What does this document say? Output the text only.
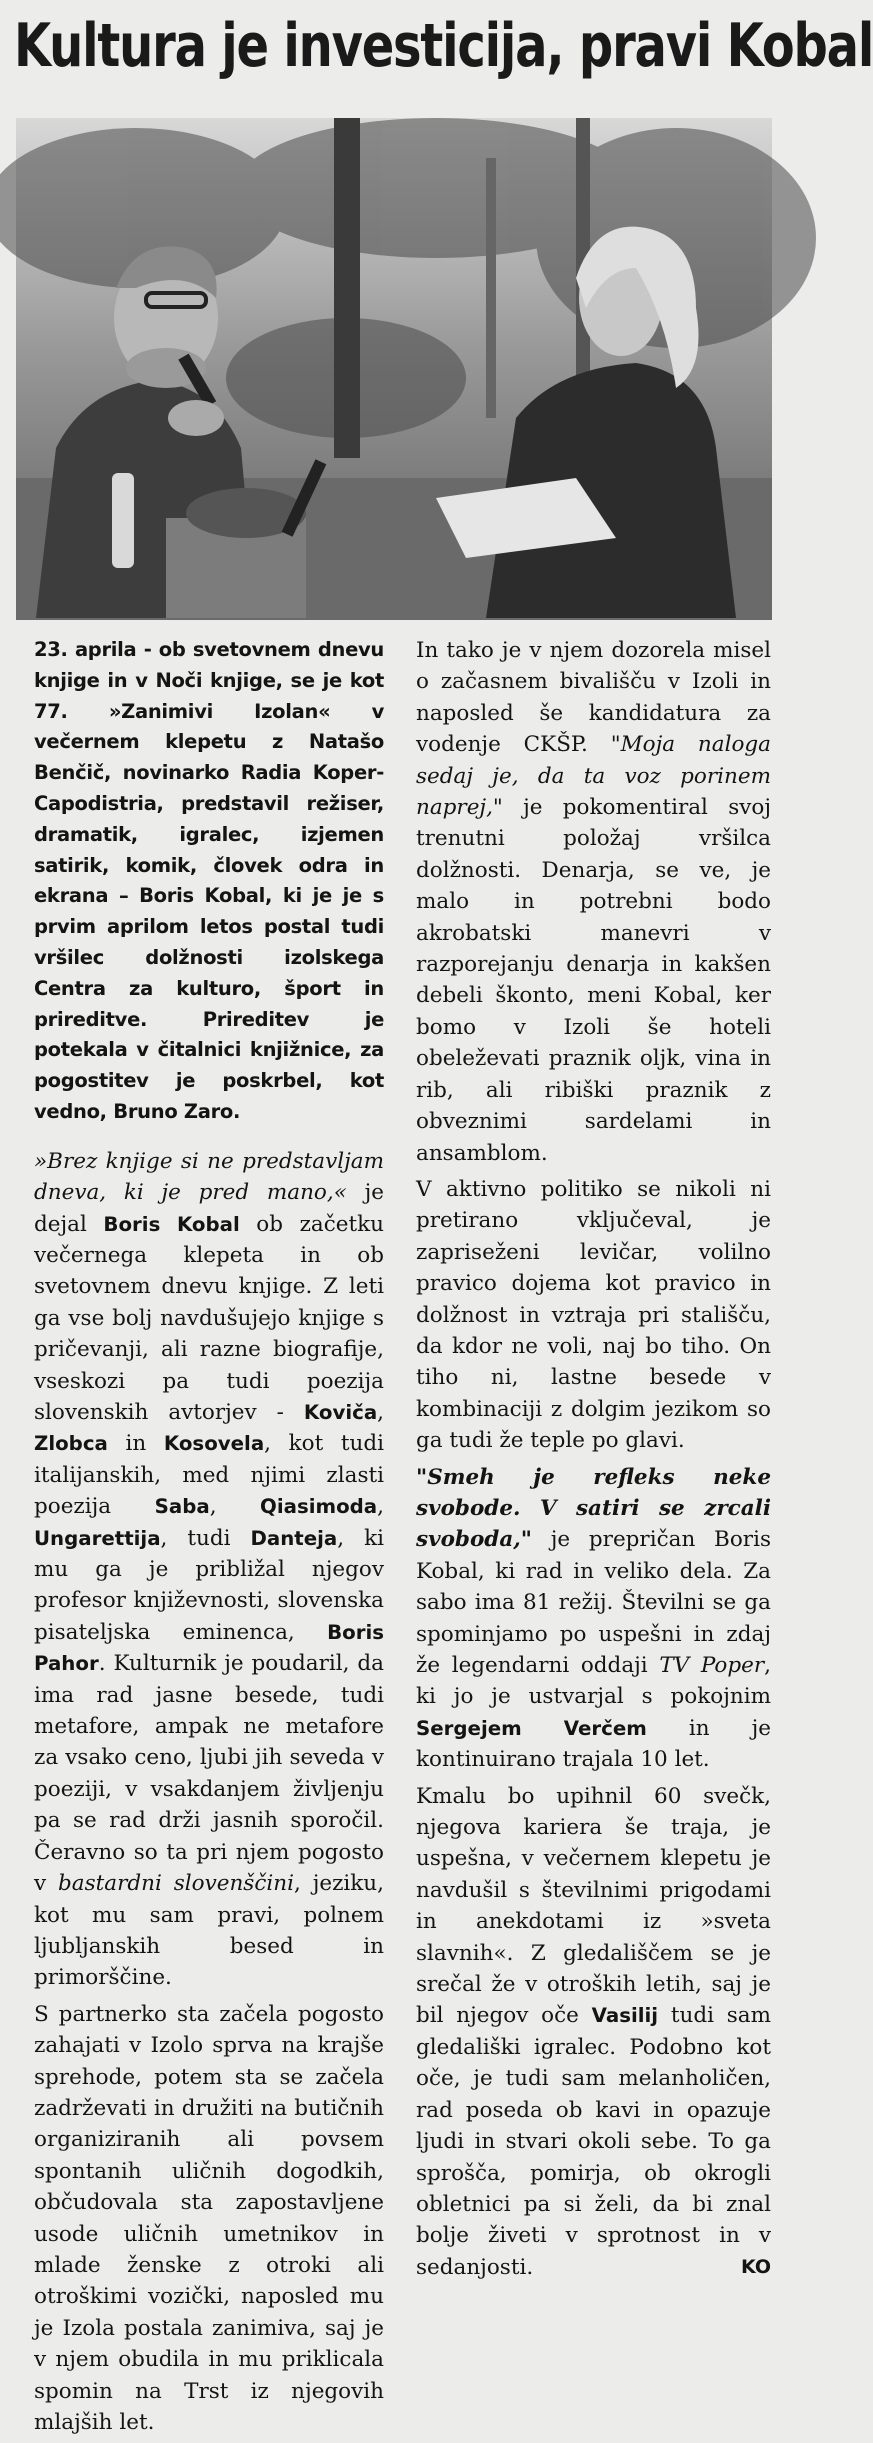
Kultura je investicija, pravi Kobal

23. aprila - ob svetovnem dnevu knjige in v Noči knjige, se je kot 77. »Zanimivi Izolan« v večernem klepetu z Natašo Benčič, novinarko Radia Koper-Capodistria, predstavil režiser, dramatik, igralec, izjemen satirik, komik, človek odra in ekrana – Boris Kobal, ki je je s prvim aprilom letos postal tudi vršilec dolžnosti izolskega Centra za kulturo, šport in prireditve. Prireditev je potekala v čitalnici knjižnice, za pogostitev je poskrbel, kot vedno, Bruno Zaro.

»Brez knjige si ne predstavljam dneva, ki je pred mano,« je dejal Boris Kobal ob začetku večernega klepeta in ob svetovnem dnevu knjige. Z leti ga vse bolj navdušujejo knjige s pričevanji, ali razne biografije, vseskozi pa tudi poezija slovenskih avtorjev - Koviča, Zlobca in Kosovela, kot tudi italijanskih, med njimi zlasti poezija Saba, Qiasimoda, Ungarettija, tudi Danteja, ki mu ga je približal njegov profesor književnosti, slovenska pisateljska eminenca, Boris Pahor. Kulturnik je poudaril, da ima rad jasne besede, tudi metafore, ampak ne metafore za vsako ceno, ljubi jih seveda v poeziji, v vsakdanjem življenju pa se rad drži jasnih sporočil. Čeravno so ta pri njem pogosto v bastardni slovenščini, jeziku, kot mu sam pravi, polnem ljubljanskih besed in primorščine.

S partnerko sta začela pogosto zahajati v Izolo sprva na krajše sprehode, potem sta se začela zadrževati in družiti na butičnih organiziranih ali povsem spontanih uličnih dogodkih, občudovala sta zapostavljene usode uličnih umetnikov in mlade ženske z otroki ali otroškimi vozički, naposled mu je Izola postala zanimiva, saj je v njem obudila in mu priklicala spomin na Trst iz njegovih mlajših let.

In tako je v njem dozorela misel o začasnem bivališču v Izoli in naposled še kandidatura za vodenje CKŠP. "Moja naloga sedaj je, da ta voz porinem naprej," je pokomentiral svoj trenutni položaj vršilca dolžnosti. Denarja, se ve, je malo in potrebni bodo akrobatski manevri v razporejanju denarja in kakšen debeli škonto, meni Kobal, ker bomo v Izoli še hoteli obeleževati praznik oljk, vina in rib, ali ribiški praznik z obveznimi sardelami in ansamblom.

V aktivno politiko se nikoli ni pretirano vključeval, je zapriseženi levičar, volilno pravico dojema kot pravico in dolžnost in vztraja pri stališču, da kdor ne voli, naj bo tiho. On tiho ni, lastne besede v kombinaciji z dolgim jezikom so ga tudi že teple po glavi.

"Smeh je refleks neke svobode. V satiri se zrcali svoboda," je prepričan Boris Kobal, ki rad in veliko dela. Za sabo ima 81 režij. Številni se ga spominjamo po uspešni in zdaj že legendarni oddaji TV Poper, ki jo je ustvarjal s pokojnim Sergejem Verčem in je kontinuirano trajala 10 let.

Kmalu bo upihnil 60 svečk, njegova kariera še traja, je uspešna, v večernem klepetu je navdušil s številnimi prigodami in anekdotami iz »sveta slavnih«. Z gledališčem se je srečal že v otroških letih, saj je bil njegov oče Vasilij tudi sam gledališki igralec. Podobno kot oče, je tudi sam melanholičen, rad poseda ob kavi in opazuje ljudi in stvari okoli sebe. To ga sprošča, pomirja, ob okrogli obletnici pa si želi, da bi znal bolje živeti v sprotnost in v sedanjosti.	KO
